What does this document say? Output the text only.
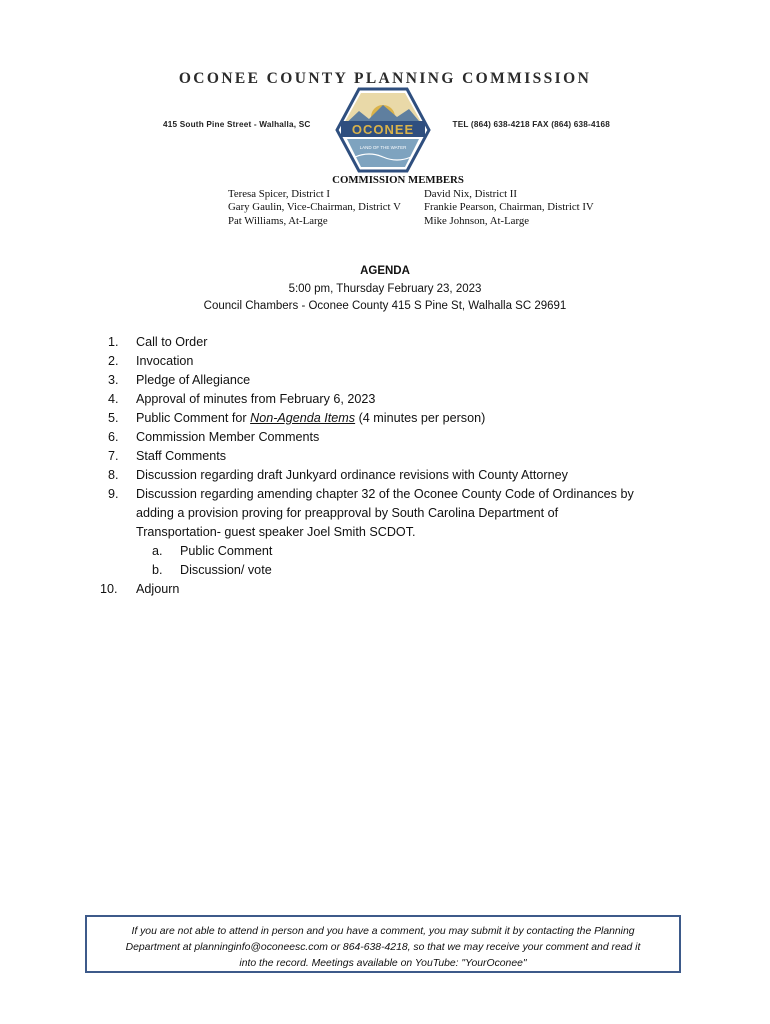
OCONEE COUNTY PLANNING COMMISSION
415 South Pine Street - Walhalla, SC	TEL (864) 638-4218 FAX (864) 638-4168
OCONEE
LAND OF THE WATER
COMMISSION MEMBERS
Teresa Spicer, District I	David Nix, District II
Gary Gaulin, Vice-Chairman, District V	Frankie Pearson, Chairman, District IV
Pat Williams, At-Large	Mike Johnson, At-Large
AGENDA
5:00 pm, Thursday February 23, 2023
Council Chambers - Oconee County 415 S Pine St, Walhalla SC 29691
1.	Call to Order
2.	Invocation
3.	Pledge of Allegiance
4.	Approval of minutes from February 6, 2023
5.	Public Comment for Non-Agenda Items (4 minutes per person)
6.	Commission Member Comments
7.	Staff Comments
8.	Discussion regarding draft Junkyard ordinance revisions with County Attorney
9.	Discussion regarding amending chapter 32 of the Oconee County Code of Ordinances by
adding a provision proving for preapproval by South Carolina Department of
Transportation- guest speaker Joel Smith SCDOT.
a.	Public Comment
b.	Discussion/ vote
10.	Adjourn
If you are not able to attend in person and you have a comment, you may submit it by contacting the Planning
Department at planninginfo@oconeesc.com or 864-638-4218, so that we may receive your comment and read it
into the record. Meetings available on YouTube: "YourOconee"
